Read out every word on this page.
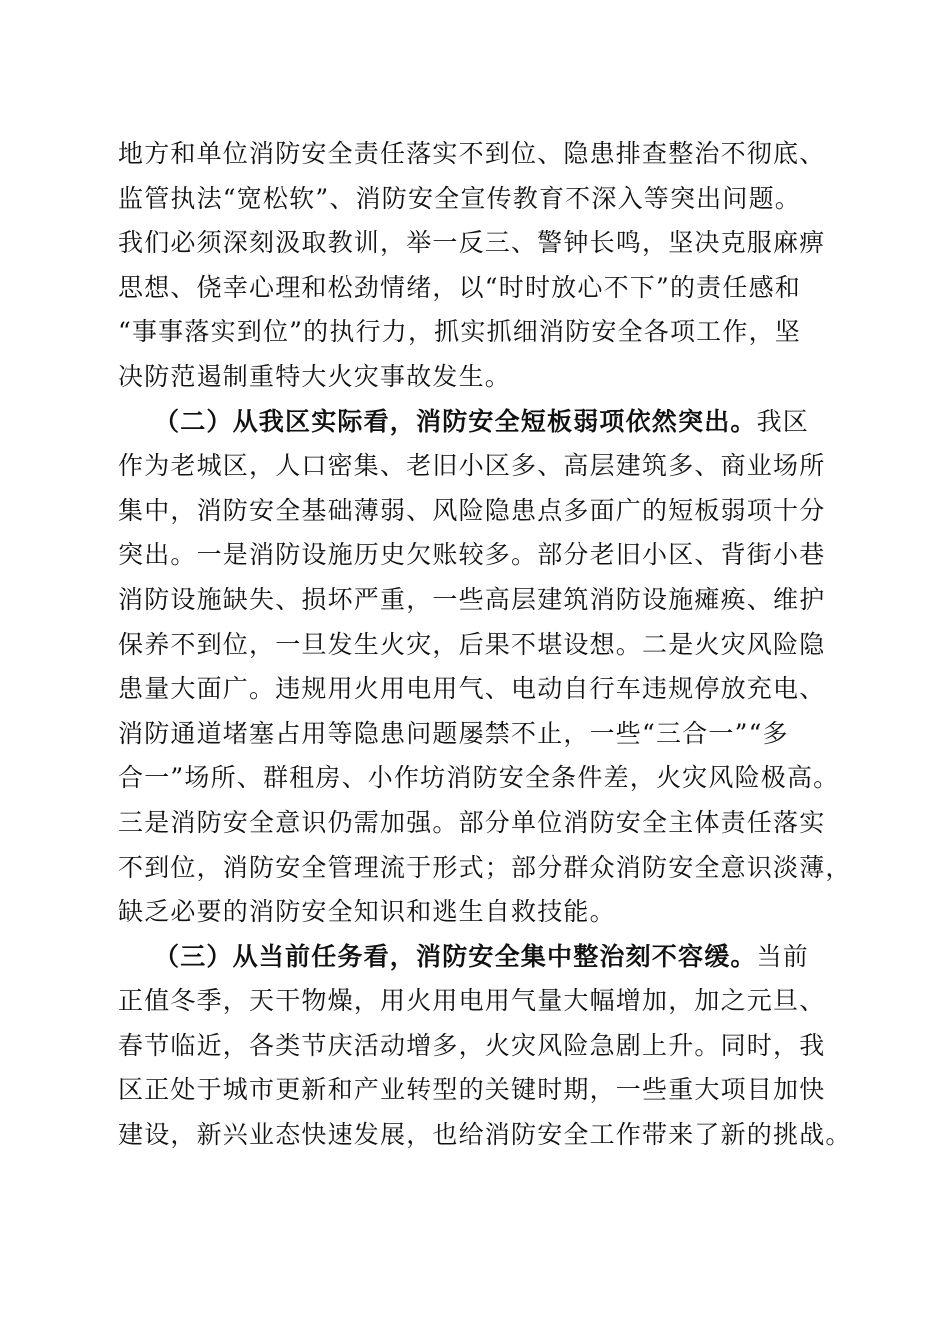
地方和单位消防安全责任落实不到位、隐患排查整治不彻底、
监管执法“宽松软”、消防安全宣传教育不深入等突出问题。
我们必须深刻汲取教训，举一反三、警钟长鸣，坚决克服麻痹
思想、侥幸心理和松劲情绪，以“时时放心不下”的责任感和
“事事落实到位”的执行力，抓实抓细消防安全各项工作，坚
决防范遏制重特大火灾事故发生。
（二）从我区实际看，消防安全短板弱项依然突出。我区
作为老城区，人口密集、老旧小区多、高层建筑多、商业场所
集中，消防安全基础薄弱、风险隐患点多面广的短板弱项十分
突出。一是消防设施历史欠账较多。部分老旧小区、背街小巷
消防设施缺失、损坏严重，一些高层建筑消防设施瘫痪、维护
保养不到位，一旦发生火灾，后果不堪设想。二是火灾风险隐
患量大面广。违规用火用电用气、电动自行车违规停放充电、
消防通道堵塞占用等隐患问题屡禁不止，一些“三合一”“多
合一”场所、群租房、小作坊消防安全条件差，火灾风险极高。
三是消防安全意识仍需加强。部分单位消防安全主体责任落实
不到位，消防安全管理流于形式；部分群众消防安全意识淡薄，
缺乏必要的消防安全知识和逃生自救技能。
（三）从当前任务看，消防安全集中整治刻不容缓。当前
正值冬季，天干物燥，用火用电用气量大幅增加，加之元旦、
春节临近，各类节庆活动增多，火灾风险急剧上升。同时，我
区正处于城市更新和产业转型的关键时期，一些重大项目加快
建设，新兴业态快速发展，也给消防安全工作带来了新的挑战。
